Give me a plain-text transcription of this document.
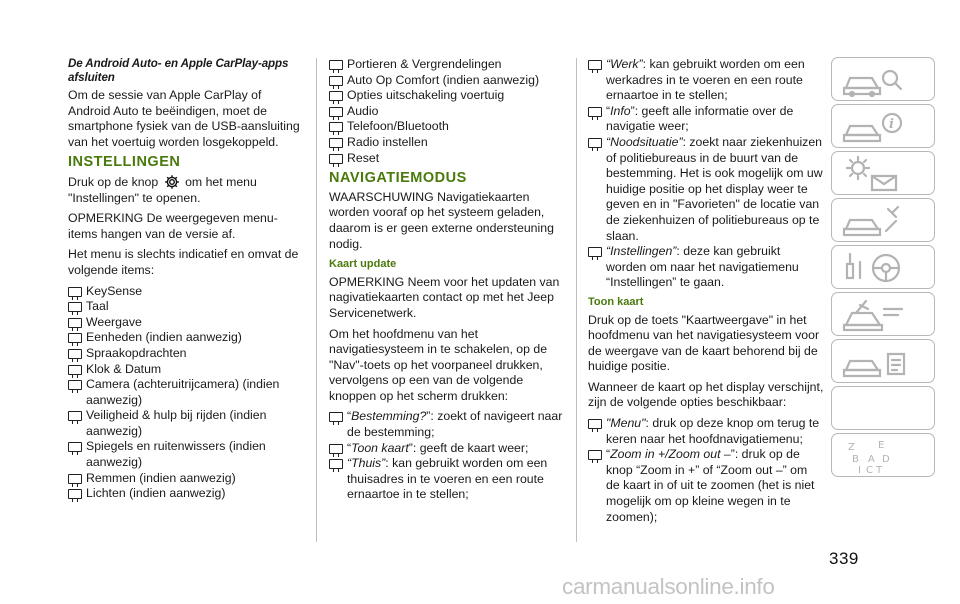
De Android Auto- en Apple CarPlay-apps afsluiten

Om de sessie van Apple CarPlay of Android Auto te beëindigen, moet de smartphone fysiek van de USB-aansluiting van het voertuig worden losgekoppeld.

INSTELLINGEN

Druk op de knop om het menu "Instellingen" te openen.

OPMERKING De weergegeven menu-items hangen van de versie af.

Het menu is slechts indicatief en omvat de volgende items:

KeySense
Taal
Weergave
Eenheden (indien aanwezig)
Spraakopdrachten
Klok & Datum
Camera (achteruitrijcamera) (indien aanwezig)
Veiligheid & hulp bij rijden (indien aanwezig)
Spiegels en ruitenwissers (indien aanwezig)
Remmen (indien aanwezig)
Lichten (indien aanwezig)
Portieren & Vergrendelingen
Auto Op Comfort (indien aanwezig)
Opties uitschakeling voertuig
Audio
Telefoon/Bluetooth
Radio instellen
Reset
NAVIGATIEMODUS

WAARSCHUWING Navigatiekaarten worden vooraf op het systeem geladen, daarom is er geen externe ondersteuning nodig.

Kaart update

OPMERKING Neem voor het updaten van nagivatiekaarten contact op met het Jeep Servicenetwerk.

Om het hoofdmenu van het navigatiesysteem in te schakelen, op de "Nav"-toets op het voorpaneel drukken, vervolgens op een van de volgende knoppen op het scherm drukken:

“Bestemming?”: zoekt of navigeert naar de bestemming;
“Toon kaart”: geeft de kaart weer;
“Thuis”: kan gebruikt worden om een thuisadres in te voeren en een route ernaartoe in te stellen;
“Werk”: kan gebruikt worden om een werkadres in te voeren en een route ernaartoe in te stellen;
“Info”: geeft alle informatie over de navigatie weer;
“Noodsituatie”: zoekt naar ziekenhuizen of politiebureaus in de buurt van de bestemming. Het is ook mogelijk om uw huidige positie op het display weer te geven en in "Favorieten" de locatie van de ziekenhuizen of politiebureaus op te slaan.
“Instellingen”: deze kan gebruikt worden om naar het navigatiemenu “Instellingen” te gaan.
Toon kaart

Druk op de toets "Kaartweergave" in het hoofdmenu van het navigatiesysteem voor de weergave van de kaart behorend bij de huidige positie.

Wanneer de kaart op het display verschijnt, zijn de volgende opties beschikbaar:

"Menu": druk op deze knop om terug te keren naar het hoofdnavigatiemenu;
“Zoom in +/Zoom out –”: druk op de knop “Zoom in +” of “Zoom out –” om de kaart in of uit te zoomen (het is niet mogelijk om op kleine wegen in te zoomen);
i
Z E
B A D
I C T
339
carmanualsonline.info
